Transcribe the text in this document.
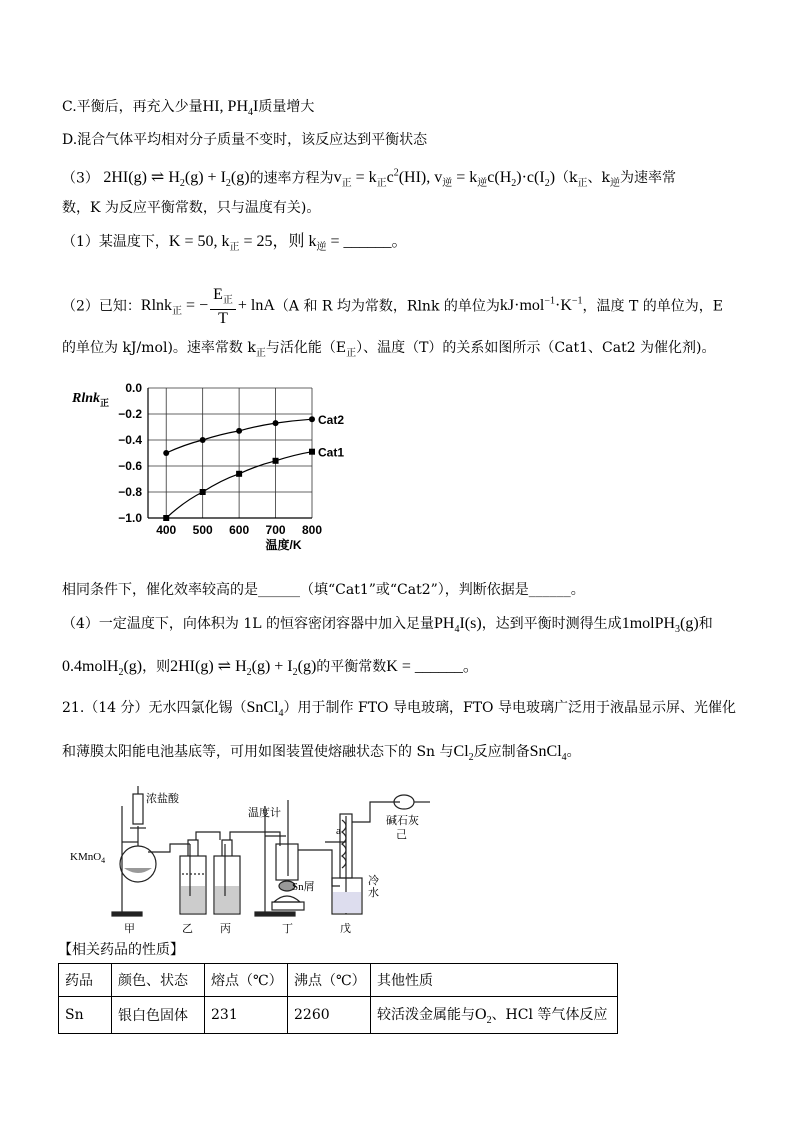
C.平衡后，再充入少量HI, $PH_4I$质量增大
D.混合气体平均相对分子质量不变时，该反应达到平衡状态
（3） 2HI(g) ⇌ $H_2(g) + I_2(g)$的速率方程为$v_正 = k_正c^2(HI)$, $v_逆 = k_逆c(H_2)\cdot c(I_2)(k_正$、$k_逆$为速率常
数，K 为反应平衡常数，只与温度有关)。
（1）某温度下，K = 50, $k_正 = 25$，则 $k_逆$ = ______。
（2）已知：Rlnk$_正$ = − $\frac{E_正}{T} + \ln A(A$ 和 R 均为常数，Rlnk 的单位为$kJ\cdot mol^{-1}\cdot K^{-1}$，温度 T 的单位为，E
的单位为 kJ/mol)。速率常数 $k_正$与活化能$(E_正)$、温度（T）的关系如图所示（Cat1、Cat2 为催化剂)。
0.0
−0.2
−0.4
−0.6
−0.8
−1.0
400 500 600 700 800
Rlnk$_正$
温度/K
Cat2
Cat1
相同条件下，催化效率较高的是______（填“Cat1”或“Cat2”），判断依据是______。
（4）一定温度下，向体积为 1L 的恒容密闭容器中加入足量$PH_4I(s)$，达到平衡时测得生成1molPH$_3$(g)和
0.4molH$_2$(g)，则2HI(g) ⇌ $H_2(g) + I_2(g)$的平衡常数K = ______。
21.（14 分）无水四氯化锡（SnCl$_4$）用于制作 FTO 导电玻璃，FTO 导电玻璃广泛用于液晶显示屏、光催化
和薄膜太阳能电池基底等，可用如图装置使熔融状态下的 Sn 与$Cl_2$反应制备SnCl$_4$。
浓盐酸
KMnO$_4$
温度计
Sn屑
a
碱石灰
己
冷
水
甲	乙 丙	丁	戊
【相关药品的性质】
药品	颜色、状态	熔点（℃）	沸点（℃）	其他性质
Sn	银白色固体	231	2260	较活泼金属能与$O_2$、HCl 等气体反应
